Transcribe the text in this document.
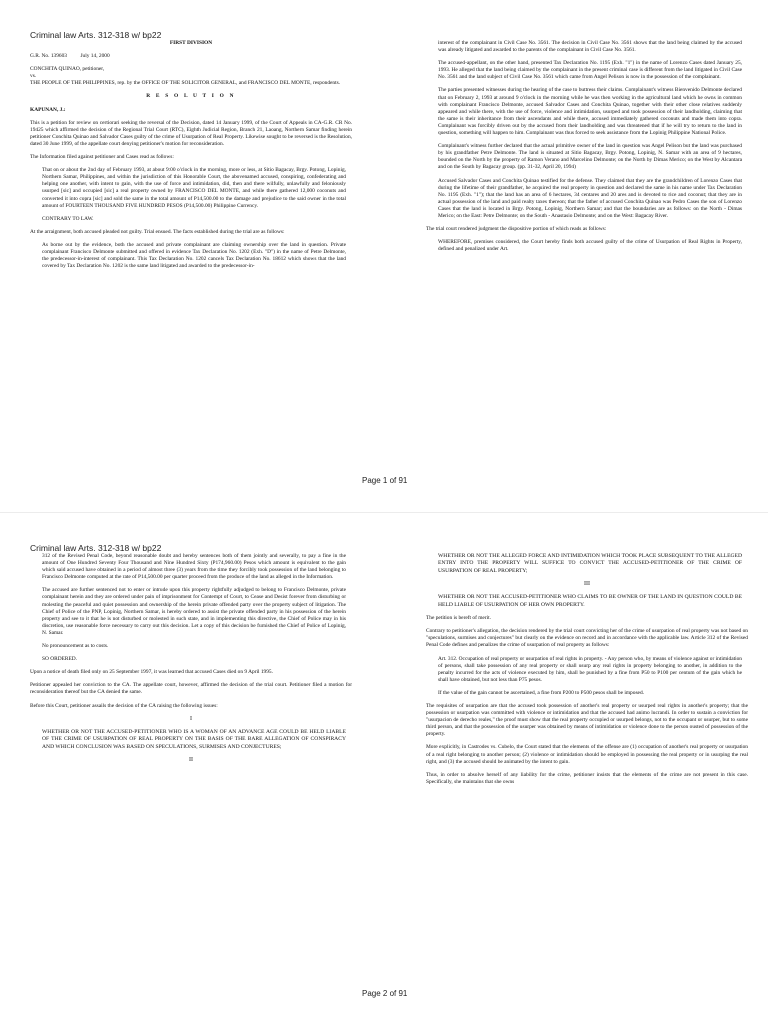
Criminal law Arts. 312-318 w/ bp22

FIRST DIVISION

G.R. No. 139603          July 14, 2000

CONCHITA QUINAO, petitioner,

vs.

THE PEOPLE OF THE PHILIPPINES, rep. by the OFFICE OF THE SOLICITOR GENERAL, and FRANCISCO DEL MONTE, respondents.

R E S O L U T I O N

KAPUNAN, J.:

This is a petition for review on certiorari seeking the reversal of the Decision, dated 14 January 1999, of the Court of Appeals in CA-G.R. CR No. 19425 which affirmed the decision of the Regional Trial Court (RTC), Eighth Judicial Region, Branch 21, Laoang, Northern Samar finding herein petitioner Conchita Quinao and Salvador Cases guilty of the crime of Usurpation of Real Property. Likewise sought to be reversed is the Resolution, dated 30 June 1999, of the appellate court denying petitioner's motion for reconsideration.

The Information filed against petitioner and Cases read as follows:

That on or about the 2nd day of February 1993, at about 9:00 o'clock in the morning, more or less, at Sitio Bagacay, Brgy. Potong, Lopinig, Northern Samar, Philippines, and within the jurisdiction of this Honorable Court, the abovenamed accused, conspiring, confederating and helping one another, with intent to gain, with the use of force and intimidation, did, then and there wilfully, unlawfully and feloniously usurped [sic] and occupied [sic] a real property owned by FRANCISCO DEL MONTE, and while there gathered 12,000 coconuts and converted it into copra [sic] and sold the same in the total amount of P14,500.00 to the damage and prejudice to the said owner in the total amount of FOURTEEN THOUSAND FIVE HUNDRED PESOS (P14,500.00) Philippine Currency.

CONTRARY TO LAW.

At the arraignment, both accused pleaded not guilty. Trial ensued. The facts established during the trial are as follows:

As borne out by the evidence, both the accused and private complainant are claiming ownership over the land in question. Private complainant Francisco Delmonte submitted and offered in evidence Tax Declaration No. 1202 (Exh. "D") in the name of Petre Delmonte, the predecessor-in-interest of complainant. This Tax Declaration No. 1202 cancels Tax Declaration No. 18612 which shows that the land covered by Tax Declaration No. 1202 is the same land litigated and awarded to the predecessor-in-

interest of the complainant in Civil Case No. 3561. The decision in Civil Case No. 3561 shows that the land being claimed by the accused was already litigated and awarded to the parents of the complainant in Civil Case No. 3561.

The accused-appellant, on the other hand, presented Tax Declaration No. 1195 (Exh. "1") in the name of Lorenzo Cases dated January 25, 1993. He alleged that the land being claimed by the complainant in the present criminal case is different from the land litigated in Civil Case No. 3561 and the land subject of Civil Case No. 3561 which came from Angel Pelison is now in the possession of the complainant.

The parties presented witnesses during the hearing of the case to buttress their claims. Complainant's witness Bienvenido Delmonte declared that on February 2, 1993 at around 9 o'clock in the morning while he was then working in the agricultural land which he owns in common with complainant Francisco Delmonte, accused Salvador Cases and Conchita Quinao, together with their other close relatives suddenly appeared and while there, with the use of force, violence and intimidation, usurped and took possession of their landholding, claiming that the same is their inheritance from their ascendants and while there, accused immediately gathered coconuts and made them into copra. Complainant was forcibly driven out by the accused from their landholding and was threatened that if he will try to return to the land in question, something will happen to him. Complainant was thus forced to seek assistance from the Lopinig Philippine National Police.

Complainant's witness further declared that the actual primitive owner of the land in question was Angel Pelison but the land was purchased by his grandfather Petre Delmonte. The land is situated at Sitio Bagacay, Brgy. Potong, Lopinig, N. Samar with an area of 9 hectares, bounded on the North by the property of Ramon Verano and Marcelino Delmonte; on the North by Dimas Merico; on the West by Alcantara and on the South by Bagacay group. (pp. 31-32, April 20, 1994)

Accused Salvador Cases and Conchita Quinao testified for the defense. They claimed that they are the grandchildren of Lorenzo Cases that during the lifetime of their grandfather, he acquired the real property in question and declared the same in his name under Tax Declaration No. 1195 (Exh. "1"); that the land has an area of 6 hectares, 34 centares and 20 ares and is devoted to rice and coconut; that they are in actual possession of the land and paid realty taxes thereon; that the father of accused Conchita Quinao was Pedro Cases the son of Lorenzo Cases that the land is located in Brgy. Potong, Lopinig, Northern Samar; and that the boundaries are as follows: on the North - Dimas Merico; on the East: Petre Delmonte; on the South - Anastasio Delmonte; and on the West: Bagacay River.

The trial court rendered judgment the dispositive portion of which reads as follows:

WHEREFORE, premises considered, the Court hereby finds both accused guilty of the crime of Usurpation of Real Rights in Property, defined and penalized under Art.

Page 1 of 91
Criminal law Arts. 312-318 w/ bp22

312 of the Revised Penal Code, beyond reasonable doubt and hereby sentences both of them jointly and severally, to pay a fine in the amount of One Hundred Seventy Four Thousand and Nine Hundred Sixty (P174,960.00) Pesos which amount is equivalent to the gain which said accused have obtained in a period of almost three (3) years from the time they forcibly took possession of the land belonging to Francisco Delmonte computed at the rate of P14,500.00 per quarter proceed from the produce of the land as alleged in the Information.

The accused are further sentenced not to enter or intrude upon this property rightfully adjudged to belong to Francisco Delmonte, private complainant herein and they are ordered under pain of imprisonment for Contempt of Court, to Cease and Desist forever from disturbing or molesting the peaceful and quiet possession and ownership of the herein private offended party over the property subject of litigation. The Chief of Police of the PNP, Lopinig, Northern Samar, is hereby ordered to assist the private offended party in his possession of the herein property and see to it that he is not disturbed or molested in such state, and in implementing this directive, the Chief of Police may in his discretion, use reasonable force necessary to carry out this decision. Let a copy of this decision be furnished the Chief of Police of Lopinig, N. Samar.

No pronouncement as to costs.

SO ORDERED.

Upon a notice of death filed only on 25 September 1997, it was learned that accused Cases died on 9 April 1995.

Petitioner appealed her conviction to the CA. The appellate court, however, affirmed the decision of the trial court. Petitioner filed a motion for reconsideration thereof but the CA denied the same.

Before this Court, petitioner assails the decision of the CA raising the following issues:

I

WHETHER OR NOT THE ACCUSED-PETITIONER WHO IS A WOMAN OF AN ADVANCE AGE COULD BE HELD LIABLE OF THE CRIME OF USURPATION OF REAL PROPERTY ON THE BASIS OF THE BARE ALLEGATION OF CONSPIRACY AND WHICH CONCLUSION WAS BASED ON SPECULATIONS, SURMISES AND CONJECTURES;

II

WHETHER OR NOT THE ALLEGED FORCE AND INTIMIDATION WHICH TOOK PLACE SUBSEQUENT TO THE ALLEGED ENTRY INTO THE PROPERTY WILL SUFFICE TO CONVICT THE ACCUSED-PETITIONER OF THE CRIME OF USURPATION OF REAL PROPERTY;

III

WHETHER OR NOT THE ACCUSED-PETITIONER WHO CLAIMS TO BE OWNER OF THE LAND IN QUESTION COULD BE HELD LIABLE OF USURPATION OF HER OWN PROPERTY.

The petition is bereft of merit.

Contrary to petitioner's allegation, the decision rendered by the trial court convicting her of the crime of usurpation of real property was not based on "speculations, surmises and conjectures" but clearly on the evidence on record and in accordance with the applicable law. Article 312 of the Revised Penal Code defines and penalizes the crime of usurpation of real property as follows:

Art. 312. Occupation of real property or usurpation of real rights in property. - Any person who, by means of violence against or intimidation of persons, shall take possession of any real property or shall usurp any real rights in property belonging to another, in addition to the penalty incurred for the acts of violence executed by him, shall be punished by a fine from P50 to P100 per centum of the gain which he shall have obtained, but not less than P75 pesos.

If the value of the gain cannot be ascertained, a fine from P200 to P500 pesos shall be imposed.

The requisites of usurpation are that the accused took possession of another's real property or usurped real rights in another's property; that the possession or usurpation was committed with violence or intimidation and that the accused had animo lucrandi. In order to sustain a conviction for "usurpacion de derecho reales," the proof must show that the real property occupied or usurped belongs, not to the occupant or usurper, but to some third person, and that the possession of the usurper was obtained by means of intimidation or violence done to the person ousted of possession of the property.

More explicitly, in Castrodes vs. Cubelo, the Court stated that the elements of the offense are (1) occupation of another's real property or usurpation of a real right belonging to another person; (2) violence or intimidation should be employed in possessing the real property or in usurping the real right, and (3) the accused should be animated by the intent to gain.

Thus, in order to absolve herself of any liability for the crime, petitioner insists that the elements of the crime are not present in this case. Specifically, she maintains that she owns

Page 2 of 91
